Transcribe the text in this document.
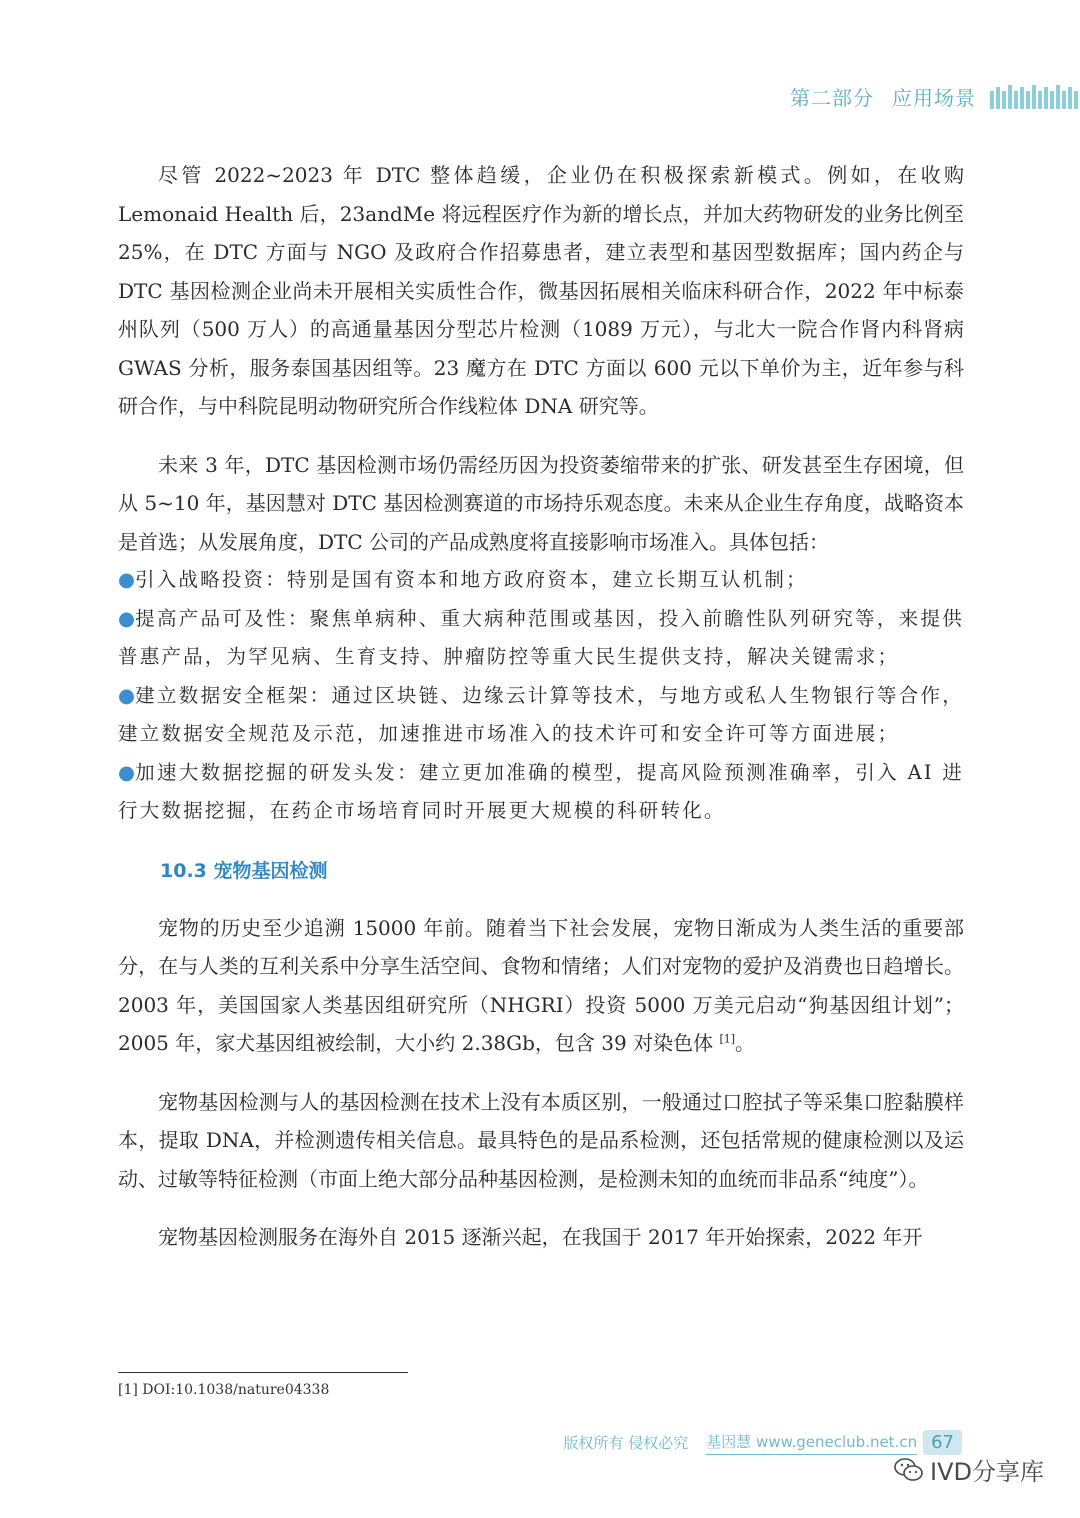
第二部分 应用场景

尽管 2022~2023 年 DTC 整体趋缓，企业仍在积极探索新模式。例如，在收购 Lemonaid Health 后，23andMe 将远程医疗作为新的增长点，并加大药物研发的业务比例至 25%，在 DTC 方面与 NGO 及政府合作招募患者，建立表型和基因型数据库；国内药企与 DTC 基因检测企业尚未开展相关实质性合作，微基因拓展相关临床科研合作，2022 年中标泰州队列（500 万人）的高通量基因分型芯片检测（1089 万元），与北大一院合作肾内科肾病 GWAS 分析，服务泰国基因组等。23 魔方在 DTC 方面以 600 元以下单价为主，近年参与科研合作，与中科院昆明动物研究所合作线粒体 DNA 研究等。

未来 3 年，DTC 基因检测市场仍需经历因为投资萎缩带来的扩张、研发甚至生存困境，但从 5~10 年，基因慧对 DTC 基因检测赛道的市场持乐观态度。未来从企业生存角度，战略资本是首选；从发展角度，DTC 公司的产品成熟度将直接影响市场准入。具体包括：

●引入战略投资：特别是国有资本和地方政府资本，建立长期互认机制；

●提高产品可及性：聚焦单病种、重大病种范围或基因，投入前瞻性队列研究等，来提供普惠产品，为罕见病、生育支持、肿瘤防控等重大民生提供支持，解决关键需求；

●建立数据安全框架：通过区块链、边缘云计算等技术，与地方或私人生物银行等合作，建立数据安全规范及示范，加速推进市场准入的技术许可和安全许可等方面进展；

●加速大数据挖掘的研发头发：建立更加准确的模型，提高风险预测准确率，引入 AI 进行大数据挖掘，在药企市场培育同时开展更大规模的科研转化。

10.3 宠物基因检测

宠物的历史至少追溯 15000 年前。随着当下社会发展，宠物日渐成为人类生活的重要部分，在与人类的互利关系中分享生活空间、食物和情绪；人们对宠物的爱护及消费也日趋增长。2003 年，美国国家人类基因组研究所（NHGRI）投资 5000 万美元启动“狗基因组计划”；2005 年，家犬基因组被绘制，大小约 2.38Gb，包含 39 对染色体 [1]。

宠物基因检测与人的基因检测在技术上没有本质区别，一般通过口腔拭子等采集口腔黏膜样本，提取 DNA，并检测遗传相关信息。最具特色的是品系检测，还包括常规的健康检测以及运动、过敏等特征检测（市面上绝大部分品种基因检测，是检测未知的血统而非品系“纯度”）。

宠物基因检测服务在海外自 2015 逐渐兴起，在我国于 2017 年开始探索，2022 年开

[1] DOI:10.1038/nature04338
版权所有 侵权必究 基因慧 www.geneclub.net.cn 67
IVD分享库
